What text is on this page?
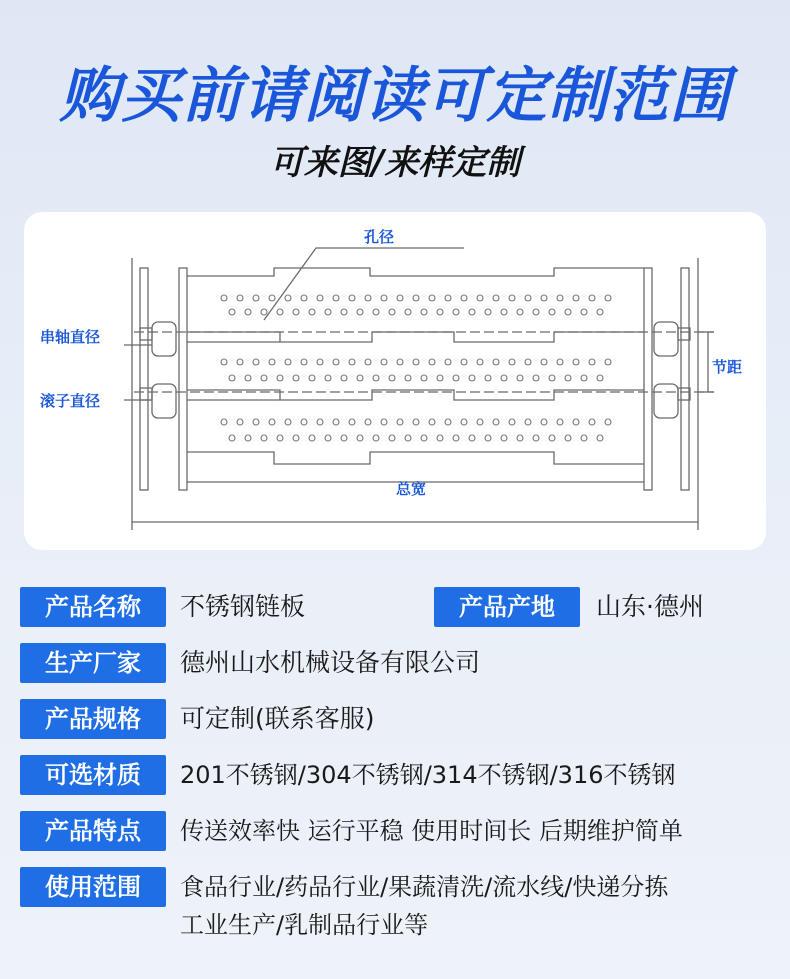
购买前请阅读可定制范围
可来图/来样定制
孔径
串轴直径
滚子直径
节距
总宽
产品名称	不锈钢链板	产品产地	山东·德州
生产厂家	德州山水机械设备有限公司
产品规格	可定制(联系客服)
可选材质	201不锈钢/304不锈钢/314不锈钢/316不锈钢
产品特点	传送效率快 运行平稳 使用时间长 后期维护简单
使用范围	食品行业/药品行业/果蔬清洗/流水线/快递分拣
工业生产/乳制品行业等
